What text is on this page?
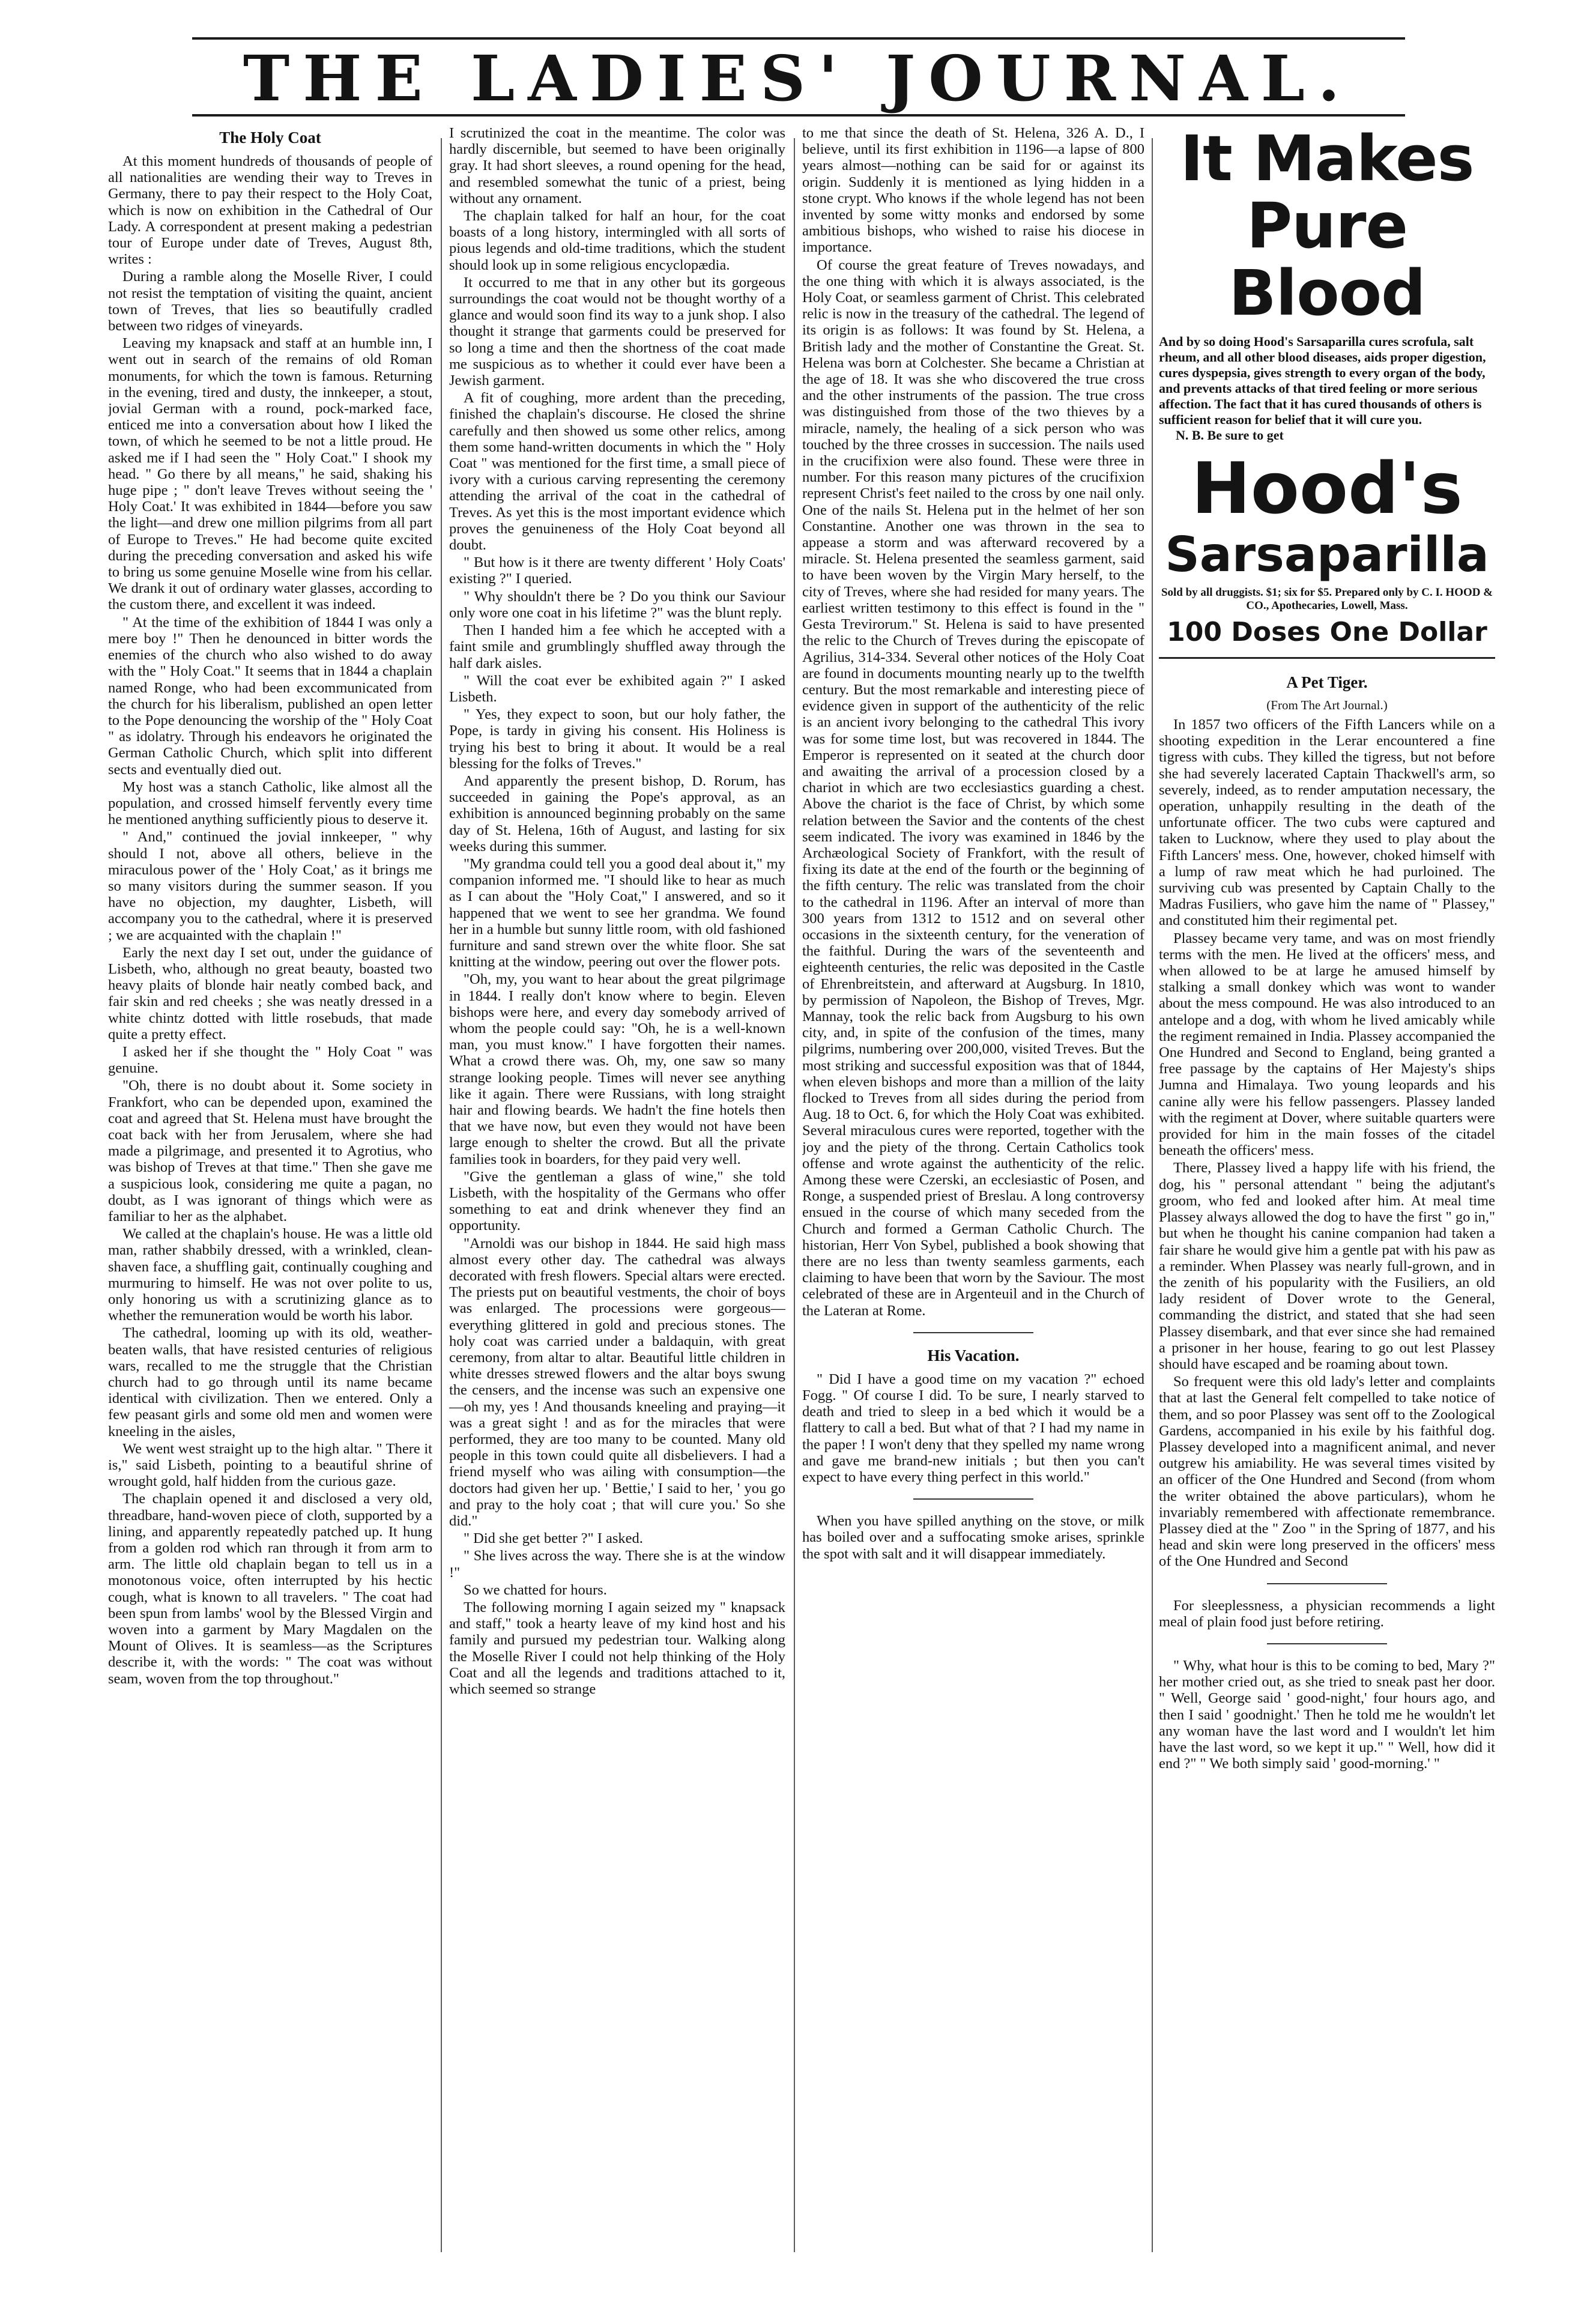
THE LADIES' JOURNAL.
The Holy Coat

At this moment hundreds of thousands of people of all nationalities are wending their way to Treves in Germany, there to pay their respect to the Holy Coat, which is now on exhibition in the Cathedral of Our Lady. A correspondent at present making a pedestrian tour of Europe under date of Treves, August 8th, writes :

During a ramble along the Moselle River, I could not resist the temptation of visiting the quaint, ancient town of Treves, that lies so beautifully cradled between two ridges of vineyards.

Leaving my knapsack and staff at an humble inn, I went out in search of the remains of old Roman monuments, for which the town is famous. Returning in the evening, tired and dusty, the innkeeper, a stout, jovial German with a round, pock-marked face, enticed me into a conversation about how I liked the town, of which he seemed to be not a little proud. He asked me if I had seen the " Holy Coat." I shook my head. " Go there by all means," he said, shaking his huge pipe ; " don't leave Treves without seeing the ' Holy Coat.' It was exhibited in 1844—before you saw the light—and drew one million pilgrims from all part of Europe to Treves." He had become quite excited during the preceding conversation and asked his wife to bring us some genuine Moselle wine from his cellar. We drank it out of ordinary water glasses, according to the custom there, and excellent it was indeed.

" At the time of the exhibition of 1844 I was only a mere boy !" Then he denounced in bitter words the enemies of the church who also wished to do away with the " Holy Coat." It seems that in 1844 a chaplain named Ronge, who had been excommunicated from the church for his liberalism, published an open letter to the Pope denouncing the worship of the " Holy Coat " as idolatry. Through his endeavors he originated the German Catholic Church, which split into different sects and eventually died out.

My host was a stanch Catholic, like almost all the population, and crossed himself fervently every time he mentioned anything sufficiently pious to deserve it.

" And," continued the jovial innkeeper, " why should I not, above all others, believe in the miraculous power of the ' Holy Coat,' as it brings me so many visitors during the summer season. If you have no objection, my daughter, Lisbeth, will accompany you to the cathedral, where it is preserved ; we are acquainted with the chaplain !"

Early the next day I set out, under the guidance of Lisbeth, who, although no great beauty, boasted two heavy plaits of blonde hair neatly combed back, and fair skin and red cheeks ; she was neatly dressed in a white chintz dotted with little rosebuds, that made quite a pretty effect.

I asked her if she thought the " Holy Coat " was genuine.

"Oh, there is no doubt about it. Some society in Frankfort, who can be depended upon, examined the coat and agreed that St. Helena must have brought the coat back with her from Jerusalem, where she had made a pilgrimage, and presented it to Agrotius, who was bishop of Treves at that time." Then she gave me a suspicious look, considering me quite a pagan, no doubt, as I was ignorant of things which were as familiar to her as the alphabet.

We called at the chaplain's house. He was a little old man, rather shabbily dressed, with a wrinkled, clean-shaven face, a shuffling gait, continually coughing and murmuring to himself. He was not over polite to us, only honoring us with a scrutinizing glance as to whether the remuneration would be worth his labor.

The cathedral, looming up with its old, weather-beaten walls, that have resisted centuries of religious wars, recalled to me the struggle that the Christian church had to go through until its name became identical with civilization. Then we entered. Only a few peasant girls and some old men and women were kneeling in the aisles,

We went west straight up to the high altar. " There it is," said Lisbeth, pointing to a beautiful shrine of wrought gold, half hidden from the curious gaze.

The chaplain opened it and disclosed a very old, threadbare, hand-woven piece of cloth, supported by a lining, and apparently repeatedly patched up. It hung from a golden rod which ran through it from arm to arm. The little old chaplain began to tell us in a monotonous voice, often interrupted by his hectic cough, what is known to all travelers. " The coat had been spun from lambs' wool by the Blessed Virgin and woven into a garment by Mary Magdalen on the Mount of Olives. It is seamless—as the Scriptures describe it, with the words: " The coat was without seam, woven from the top throughout."

I scrutinized the coat in the meantime. The color was hardly discernible, but seemed to have been originally gray. It had short sleeves, a round opening for the head, and resembled somewhat the tunic of a priest, being without any ornament.

The chaplain talked for half an hour, for the coat boasts of a long history, intermingled with all sorts of pious legends and old-time traditions, which the student should look up in some religious encyclopædia.

It occurred to me that in any other but its gorgeous surroundings the coat would not be thought worthy of a glance and would soon find its way to a junk shop. I also thought it strange that garments could be preserved for so long a time and then the shortness of the coat made me suspicious as to whether it could ever have been a Jewish garment.

A fit of coughing, more ardent than the preceding, finished the chaplain's discourse. He closed the shrine carefully and then showed us some other relics, among them some hand-written documents in which the " Holy Coat " was mentioned for the first time, a small piece of ivory with a curious carving representing the ceremony attending the arrival of the coat in the cathedral of Treves. As yet this is the most important evidence which proves the genuineness of the Holy Coat beyond all doubt.

" But how is it there are twenty different ' Holy Coats' existing ?" I queried.

" Why shouldn't there be ? Do you think our Saviour only wore one coat in his lifetime ?" was the blunt reply.

Then I handed him a fee which he accepted with a faint smile and grumblingly shuffled away through the half dark aisles.

" Will the coat ever be exhibited again ?" I asked Lisbeth.

" Yes, they expect to soon, but our holy father, the Pope, is tardy in giving his consent. His Holiness is trying his best to bring it about. It would be a real blessing for the folks of Treves."

And apparently the present bishop, D. Rorum, has succeeded in gaining the Pope's approval, as an exhibition is announced beginning probably on the same day of St. Helena, 16th of August, and lasting for six weeks during this summer.

"My grandma could tell you a good deal about it," my companion informed me. "I should like to hear as much as I can about the "Holy Coat," I answered, and so it happened that we went to see her grandma. We found her in a humble but sunny little room, with old fashioned furniture and sand strewn over the white floor. She sat knitting at the window, peering out over the flower pots.

"Oh, my, you want to hear about the great pilgrimage in 1844. I really don't know where to begin. Eleven bishops were here, and every day somebody arrived of whom the people could say: "Oh, he is a well-known man, you must know." I have forgotten their names. What a crowd there was. Oh, my, one saw so many strange looking people. Times will never see anything like it again. There were Russians, with long straight hair and flowing beards. We hadn't the fine hotels then that we have now, but even they would not have been large enough to shelter the crowd. But all the private families took in boarders, for they paid very well.

"Give the gentleman a glass of wine," she told Lisbeth, with the hospitality of the Germans who offer something to eat and drink whenever they find an opportunity.

"Arnoldi was our bishop in 1844. He said high mass almost every other day. The cathedral was always decorated with fresh flowers. Special altars were erected. The priests put on beautiful vestments, the choir of boys was enlarged. The processions were gorgeous—everything glittered in gold and precious stones. The holy coat was carried under a baldaquin, with great ceremony, from altar to altar. Beautiful little children in white dresses strewed flowers and the altar boys swung the censers, and the incense was such an expensive one—oh my, yes ! And thousands kneeling and praying—it was a great sight ! and as for the miracles that were performed, they are too many to be counted. Many old people in this town could quite all disbelievers. I had a friend myself who was ailing with consumption—the doctors had given her up. ' Bettie,' I said to her, ' you go and pray to the holy coat ; that will cure you.' So she did."

" Did she get better ?" I asked.

" She lives across the way. There she is at the window !"

So we chatted for hours.

The following morning I again seized my " knapsack and staff," took a hearty leave of my kind host and his family and pursued my pedestrian tour. Walking along the Moselle River I could not help thinking of the Holy Coat and all the legends and traditions attached to it, which seemed so strange

to me that since the death of St. Helena, 326 A. D., I believe, until its first exhibition in 1196—a lapse of 800 years almost—nothing can be said for or against its origin. Suddenly it is mentioned as lying hidden in a stone crypt. Who knows if the whole legend has not been invented by some witty monks and endorsed by some ambitious bishops, who wished to raise his diocese in importance.

Of course the great feature of Treves nowadays, and the one thing with which it is always associated, is the Holy Coat, or seamless garment of Christ. This celebrated relic is now in the treasury of the cathedral. The legend of its origin is as follows: It was found by St. Helena, a British lady and the mother of Constantine the Great. St. Helena was born at Colchester. She became a Christian at the age of 18. It was she who discovered the true cross and the other instruments of the passion. The true cross was distinguished from those of the two thieves by a miracle, namely, the healing of a sick person who was touched by the three crosses in succession. The nails used in the crucifixion were also found. These were three in number. For this reason many pictures of the crucifixion represent Christ's feet nailed to the cross by one nail only. One of the nails St. Helena put in the helmet of her son Constantine. Another one was thrown in the sea to appease a storm and was afterward recovered by a miracle. St. Helena presented the seamless garment, said to have been woven by the Virgin Mary herself, to the city of Treves, where she had resided for many years. The earliest written testimony to this effect is found in the " Gesta Trevirorum." St. Helena is said to have presented the relic to the Church of Treves during the episcopate of Agrilius, 314-334. Several other notices of the Holy Coat are found in documents mounting nearly up to the twelfth century. But the most remarkable and interesting piece of evidence given in support of the authenticity of the relic is an ancient ivory belonging to the cathedral This ivory was for some time lost, but was recovered in 1844. The Emperor is represented on it seated at the church door and awaiting the arrival of a procession closed by a chariot in which are two ecclesiastics guarding a chest. Above the chariot is the face of Christ, by which some relation between the Savior and the contents of the chest seem indicated. The ivory was examined in 1846 by the Archæological Society of Frankfort, with the result of fixing its date at the end of the fourth or the beginning of the fifth century. The relic was translated from the choir to the cathedral in 1196. After an interval of more than 300 years from 1312 to 1512 and on several other occasions in the sixteenth century, for the veneration of the faithful. During the wars of the seventeenth and eighteenth centuries, the relic was deposited in the Castle of Ehrenbreitstein, and afterward at Augsburg. In 1810, by permission of Napoleon, the Bishop of Treves, Mgr. Mannay, took the relic back from Augsburg to his own city, and, in spite of the confusion of the times, many pilgrims, numbering over 200,000, visited Treves. But the most striking and successful exposition was that of 1844, when eleven bishops and more than a million of the laity flocked to Treves from all sides during the period from Aug. 18 to Oct. 6, for which the Holy Coat was exhibited. Several miraculous cures were reported, together with the joy and the piety of the throng. Certain Catholics took offense and wrote against the authenticity of the relic. Among these were Czerski, an ecclesiastic of Posen, and Ronge, a suspended priest of Breslau. A long controversy ensued in the course of which many seceded from the Church and formed a German Catholic Church. The historian, Herr Von Sybel, published a book showing that there are no less than twenty seamless garments, each claiming to have been that worn by the Saviour. The most celebrated of these are in Argenteuil and in the Church of the Lateran at Rome.

His Vacation.

" Did I have a good time on my vacation ?" echoed Fogg. " Of course I did. To be sure, I nearly starved to death and tried to sleep in a bed which it would be a flattery to call a bed. But what of that ? I had my name in the paper ! I won't deny that they spelled my name wrong and gave me brand-new initials ; but then you can't expect to have every thing perfect in this world."

When you have spilled anything on the stove, or milk has boiled over and a suffocating smoke arises, sprinkle the spot with salt and it will disappear immediately.

It Makes
Pure Blood
And by so doing Hood's Sarsaparilla cures scrofula, salt rheum, and all other blood diseases, aids proper digestion, cures dyspepsia, gives strength to every organ of the body, and prevents attacks of that tired feeling or more serious affection. The fact that it has cured thousands of others is sufficient reason for belief that it will cure you.
N. B. Be sure to get
Hood's
Sarsaparilla
Sold by all druggists. $1; six for $5. Prepared only by C. I. HOOD & CO., Apothecaries, Lowell, Mass.
100 Doses One Dollar
A Pet Tiger.
(From The Art Journal.)

In 1857 two officers of the Fifth Lancers while on a shooting expedition in the Lerar encountered a fine tigress with cubs. They killed the tigress, but not before she had severely lacerated Captain Thackwell's arm, so severely, indeed, as to render amputation necessary, the operation, unhappily resulting in the death of the unfortunate officer. The two cubs were captured and taken to Lucknow, where they used to play about the Fifth Lancers' mess. One, however, choked himself with a lump of raw meat which he had purloined. The surviving cub was presented by Captain Chally to the Madras Fusiliers, who gave him the name of " Plassey," and constituted him their regimental pet.

Plassey became very tame, and was on most friendly terms with the men. He lived at the officers' mess, and when allowed to be at large he amused himself by stalking a small donkey which was wont to wander about the mess compound. He was also introduced to an antelope and a dog, with whom he lived amicably while the regiment remained in India. Plassey accompanied the One Hundred and Second to England, being granted a free passage by the captains of Her Majesty's ships Jumna and Himalaya. Two young leopards and his canine ally were his fellow passengers. Plassey landed with the regiment at Dover, where suitable quarters were provided for him in the main fosses of the citadel beneath the officers' mess.

There, Plassey lived a happy life with his friend, the dog, his " personal attendant " being the adjutant's groom, who fed and looked after him. At meal time Plassey always allowed the dog to have the first " go in," but when he thought his canine companion had taken a fair share he would give him a gentle pat with his paw as a reminder. When Plassey was nearly full-grown, and in the zenith of his popularity with the Fusiliers, an old lady resident of Dover wrote to the General, commanding the district, and stated that she had seen Plassey disembark, and that ever since she had remained a prisoner in her house, fearing to go out lest Plassey should have escaped and be roaming about town.

So frequent were this old lady's letter and complaints that at last the General felt compelled to take notice of them, and so poor Plassey was sent off to the Zoological Gardens, accompanied in his exile by his faithful dog. Plassey developed into a magnificent animal, and never outgrew his amiability. He was several times visited by an officer of the One Hundred and Second (from whom the writer obtained the above particulars), whom he invariably remembered with affectionate remembrance. Plassey died at the " Zoo " in the Spring of 1877, and his head and skin were long preserved in the officers' mess of the One Hundred and Second

For sleeplessness, a physician recommends a light meal of plain food just before retiring.

" Why, what hour is this to be coming to bed, Mary ?" her mother cried out, as she tried to sneak past her door. " Well, George said ' good-night,' four hours ago, and then I said ' goodnight.' Then he told me he wouldn't let any woman have the last word and I wouldn't let him have the last word, so we kept it up." " Well, how did it end ?" " We both simply said ' good-morning.' "
